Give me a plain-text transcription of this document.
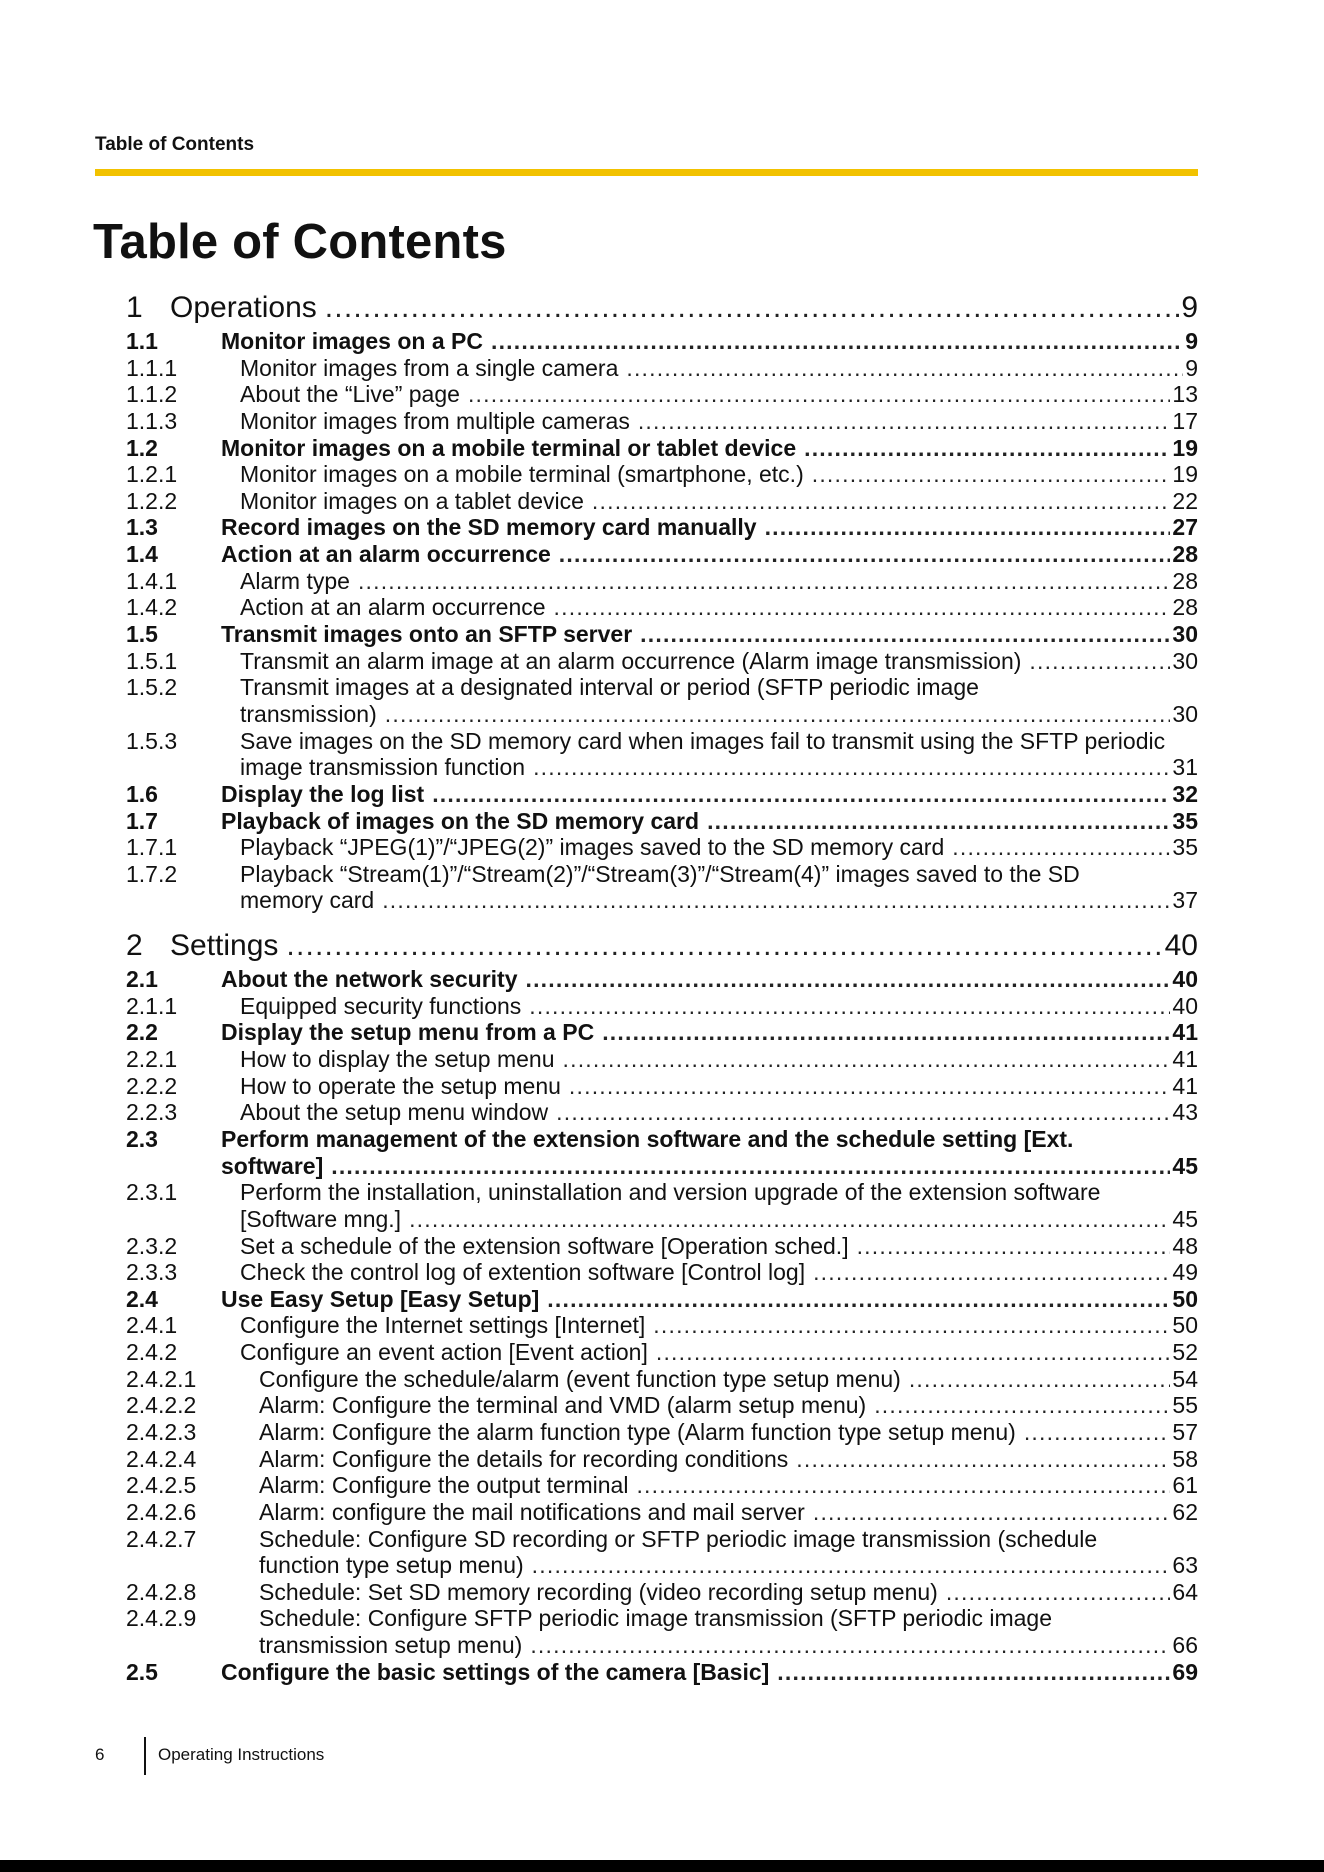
Table of Contents
Table of Contents
1 Operations .....	9
1.1	Monitor images on a PC .....	9
1.1.1	Monitor images from a single camera .....	9
1.1.2	About the “Live” page .....	13
1.1.3	Monitor images from multiple cameras .....	17
1.2	Monitor images on a mobile terminal or tablet device .....	19
1.2.1	Monitor images on a mobile terminal (smartphone, etc.) .....	19
1.2.2	Monitor images on a tablet device .....	22
1.3	Record images on the SD memory card manually .....	27
1.4	Action at an alarm occurrence .....	28
1.4.1	Alarm type .....	28
1.4.2	Action at an alarm occurrence .....	28
1.5	Transmit images onto an SFTP server .....	30
1.5.1	Transmit an alarm image at an alarm occurrence (Alarm image transmission) .....	30
1.5.2	Transmit images at a designated interval or period (SFTP periodic image
transmission) .....	30
1.5.3	Save images on the SD memory card when images fail to transmit using the SFTP periodic
image transmission function .....	31
1.6	Display the log list .....	32
1.7	Playback of images on the SD memory card .....	35
1.7.1	Playback “JPEG(1)”/“JPEG(2)” images saved to the SD memory card .....	35
1.7.2	Playback “Stream(1)”/“Stream(2)”/“Stream(3)”/“Stream(4)” images saved to the SD
memory card .....	37
2 Settings .....	40
2.1	About the network security .....	40
2.1.1	Equipped security functions .....	40
2.2	Display the setup menu from a PC .....	41
2.2.1	How to display the setup menu .....	41
2.2.2	How to operate the setup menu .....	41
2.2.3	About the setup menu window .....	43
2.3	Perform management of the extension software and the schedule setting [Ext.
software] .....	45
2.3.1	Perform the installation, uninstallation and version upgrade of the extension software
[Software mng.] .....	45
2.3.2	Set a schedule of the extension software [Operation sched.] .....	48
2.3.3	Check the control log of extention software [Control log] .....	49
2.4	Use Easy Setup [Easy Setup] .....	50
2.4.1	Configure the Internet settings [Internet] .....	50
2.4.2	Configure an event action [Event action] .....	52
2.4.2.1	Configure the schedule/alarm (event function type setup menu) .....	54
2.4.2.2	Alarm: Configure the terminal and VMD (alarm setup menu) .....	55
2.4.2.3	Alarm: Configure the alarm function type (Alarm function type setup menu) .....	57
2.4.2.4	Alarm: Configure the details for recording conditions .....	58
2.4.2.5	Alarm: Configure the output terminal .....	61
2.4.2.6	Alarm: configure the mail notifications and mail server .....	62
2.4.2.7	Schedule: Configure SD recording or SFTP periodic image transmission (schedule
function type setup menu) .....	63
2.4.2.8	Schedule: Set SD memory recording (video recording setup menu) .....	64
2.4.2.9	Schedule: Configure SFTP periodic image transmission (SFTP periodic image
transmission setup menu) .....	66
2.5	Configure the basic settings of the camera [Basic] .....	69
6	Operating Instructions
